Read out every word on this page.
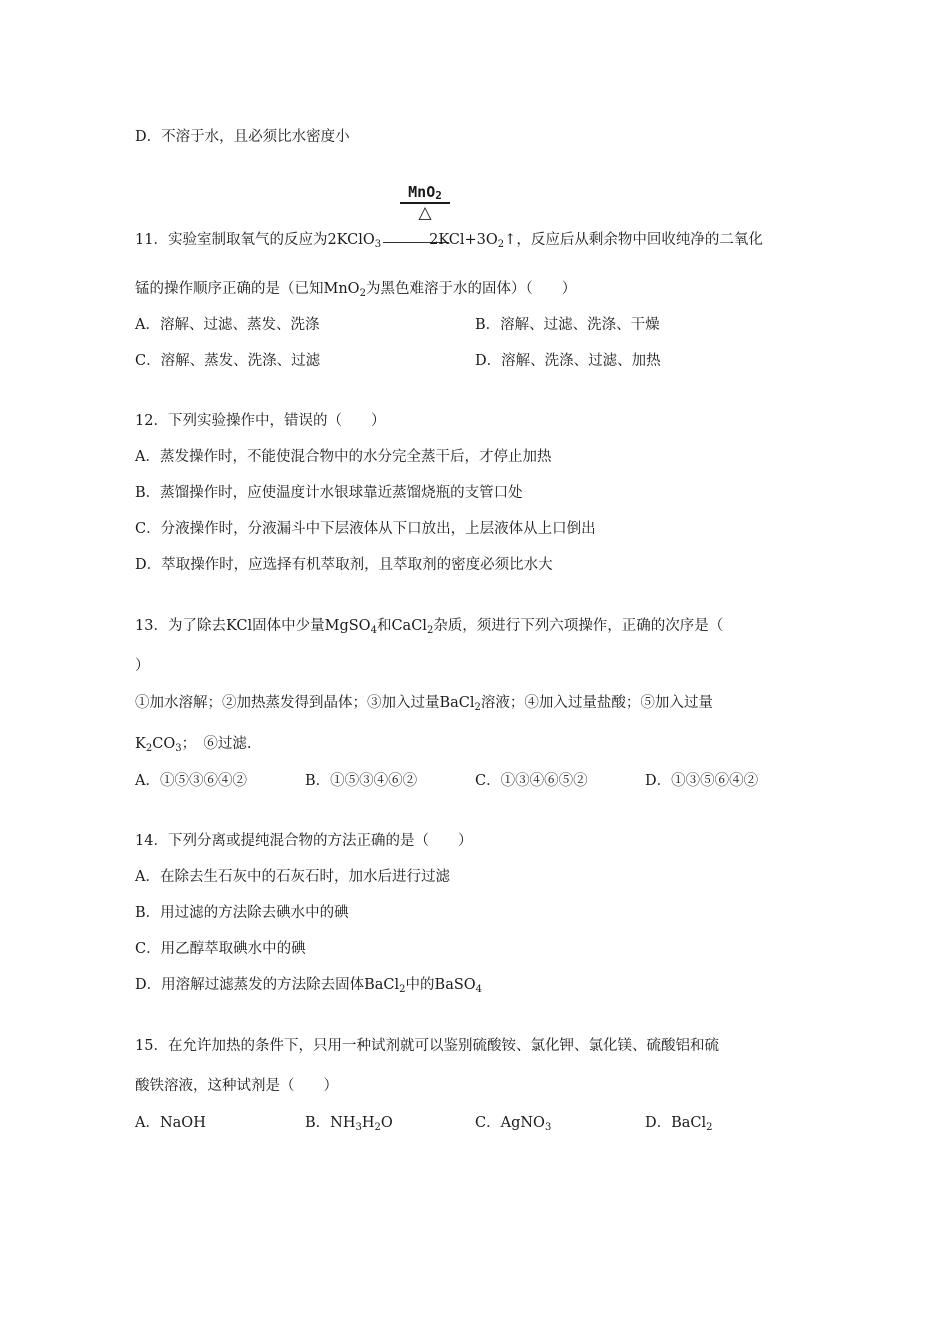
D．不溶于水，且必须比水密度小
MnO$_2$
△
11．实验室制取氧气的反应为2KClO$_3$	$2KCl+3O_2↑$，反应后从剩余物中回收纯净的二氧化
锰的操作顺序正确的是（已知MnO$_2$为黑色难溶于水的固体）（　　）
A．溶解、过滤、蒸发、洗涤	B．溶解、过滤、洗涤、干燥
C．溶解、蒸发、洗涤、过滤	D．溶解、洗涤、过滤、加热
12．下列实验操作中，错误的（　　）
A．蒸发操作时，不能使混合物中的水分完全蒸干后，才停止加热
B．蒸馏操作时，应使温度计水银球靠近蒸馏烧瓶的支管口处
C．分液操作时，分液漏斗中下层液体从下口放出，上层液体从上口倒出
D．萃取操作时，应选择有机萃取剂，且萃取剂的密度必须比水大
13．为了除去KCl固体中少量MgSO$_4$和CaCl$_2$杂质，须进行下列六项操作，正确的次序是（
）
①加水溶解；②加热蒸发得到晶体；③加入过量BaCl$_2$溶液；④加入过量盐酸；⑤加入过量
$K_2CO_3$；　⑥过滤.
A．①⑤③⑥④②	B．①⑤③④⑥②	C．①③④⑥⑤②	D．①③⑤⑥④②
14．下列分离或提纯混合物的方法正确的是（　　）
A．在除去生石灰中的石灰石时，加水后进行过滤
B．用过滤的方法除去碘水中的碘
C．用乙醇萃取碘水中的碘
D．用溶解过滤蒸发的方法除去固体BaCl$_2$中的BaSO$_4$
15．在允许加热的条件下，只用一种试剂就可以鉴别硫酸铵、氯化钾、氯化镁、硫酸铝和硫
酸铁溶液，这种试剂是（　　）
A．NaOH	B．$NH_3H_2O$	C．AgNO$_3$	D．BaCl$_2$
